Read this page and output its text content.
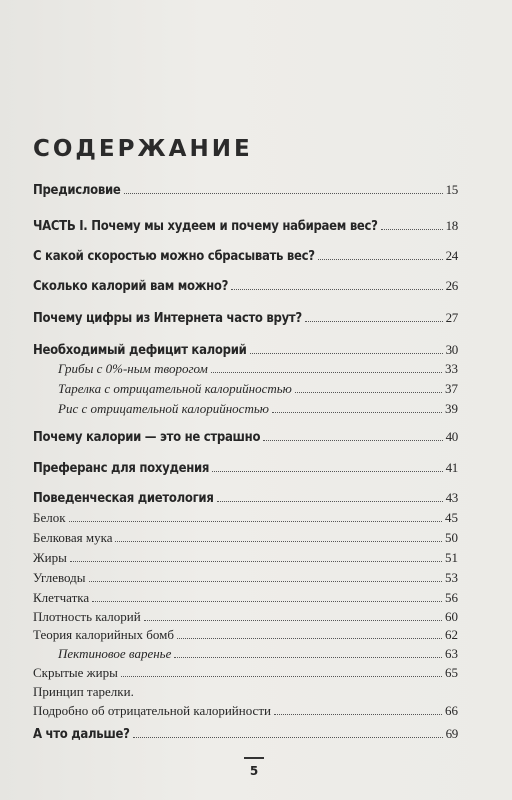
СОДЕРЖАНИЕ
Предисловие	15
ЧАСТЬ I. Почему мы худеем и почему набираем вес?	18
С какой скоростью можно сбрасывать вес?	24
Сколько калорий вам можно?	26
Почему цифры из Интернета часто врут?	27
Необходимый дефицит калорий	30
Грибы с 0%-ным творогом	33
Тарелка с отрицательной калорийностью	37
Рис с отрицательной калорийностью	39
Почему калории — это не страшно	40
Преферанс для похудения	41
Поведенческая диетология	43
Белок	45
Белковая мука	50
Жиры	51
Углеводы	53
Клетчатка	56
Плотность калорий	60
Теория калорийных бомб	62
Пектиновое варенье	63
Скрытые жиры	65
Принцип тарелки.
Подробно об отрицательной калорийности	66
А что дальше?	69
5
